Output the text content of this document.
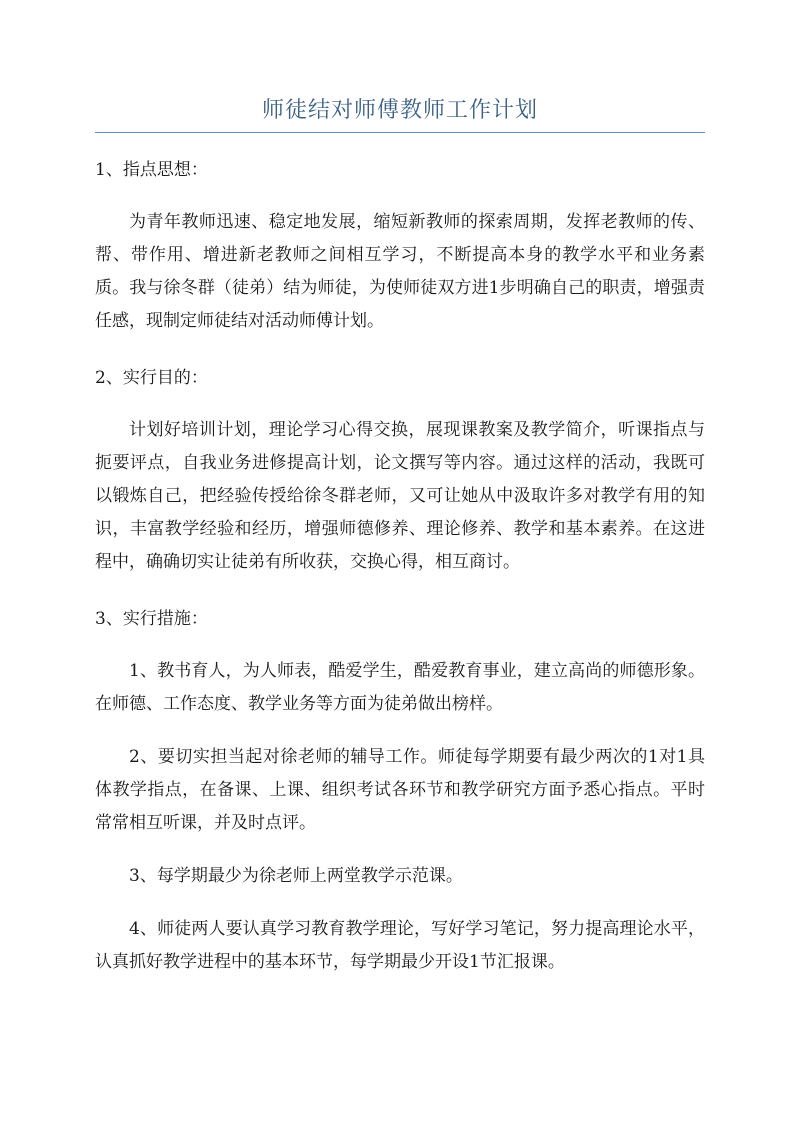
师徒结对师傅教师工作计划

1、指点思想：

为青年教师迅速、稳定地发展，缩短新教师的探索周期，发挥老教师的传、帮、带作用、增进新老教师之间相互学习，不断提高本身的教学水平和业务素质。我与徐冬群（徒弟）结为师徒，为使师徒双方进1步明确自己的职责，增强责任感，现制定师徒结对活动师傅计划。

2、实行目的：

计划好培训计划，理论学习心得交换，展现课教案及教学简介，听课指点与扼要评点，自我业务进修提高计划，论文撰写等内容。通过这样的活动，我既可以锻炼自己，把经验传授给徐冬群老师，又可让她从中汲取许多对教学有用的知识，丰富教学经验和经历，增强师德修养、理论修养、教学和基本素养。在这进程中，确确切实让徒弟有所收获，交换心得，相互商讨。

3、实行措施：

1、教书育人，为人师表，酷爱学生，酷爱教育事业，建立高尚的师德形象。在师德、工作态度、教学业务等方面为徒弟做出榜样。

2、要切实担当起对徐老师的辅导工作。师徒每学期要有最少两次的1对1具体教学指点，在备课、上课、组织考试各环节和教学研究方面予悉心指点。平时常常相互听课，并及时点评。

3、每学期最少为徐老师上两堂教学示范课。

4、师徒两人要认真学习教育教学理论，写好学习笔记，努力提高理论水平，认真抓好教学进程中的基本环节，每学期最少开设1节汇报课。
